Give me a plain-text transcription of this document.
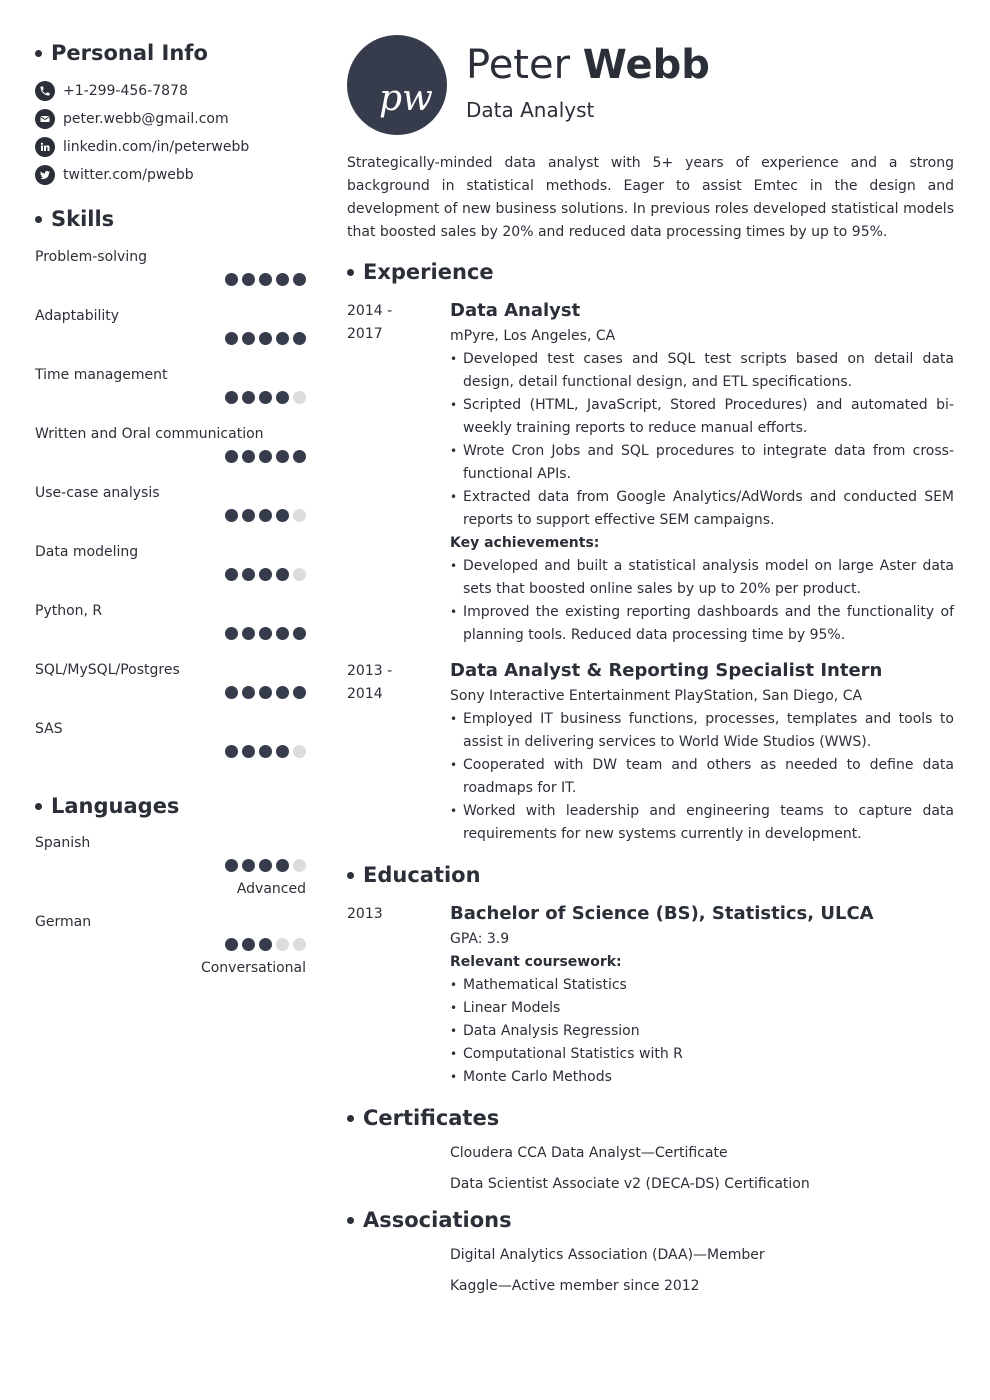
Personal Info
+1-299-456-7878
peter.webb@gmail.com
linkedin.com/in/peterwebb
twitter.com/pwebb
Skills
Problem-solving
Adaptability
Time management
Written and Oral communication
Use-case analysis
Data modeling
Python, R
SQL/MySQL/Postgres
SAS
Languages
Spanish
Advanced
German
Conversational
pw
Peter Webb
Data Analyst
Strategically-minded data analyst with 5+ years of experience and a strong background in statistical methods. Eager to assist Emtec in the design and development of new business solutions. In previous roles developed statistical models that boosted sales by 20% and reduced data processing times by up to 95%.
Experience
2014 -
2017
Data Analyst
mPyre, Los Angeles, CA
• Developed test cases and SQL test scripts based on detail data design, detail functional design, and ETL specifications.
• Scripted (HTML, JavaScript, Stored Procedures) and automated bi-weekly training reports to reduce manual efforts.
• Wrote Cron Jobs and SQL procedures to integrate data from cross-functional APIs.
• Extracted data from Google Analytics/AdWords and conducted SEM reports to support effective SEM campaigns.
Key achievements:
• Developed and built a statistical analysis model on large Aster data sets that boosted online sales by up to 20% per product.
• Improved the existing reporting dashboards and the functionality of planning tools. Reduced data processing time by 95%.
2013 -
2014
Data Analyst & Reporting Specialist Intern
Sony Interactive Entertainment PlayStation, San Diego, CA
• Employed IT business functions, processes, templates and tools to assist in delivering services to World Wide Studios (WWS).
• Cooperated with DW team and others as needed to define data roadmaps for IT.
• Worked with leadership and engineering teams to capture data requirements for new systems currently in development.
Education
2013	Bachelor of Science (BS), Statistics, ULCA
GPA: 3.9
Relevant coursework:
• Mathematical Statistics
• Linear Models
• Data Analysis Regression
• Computational Statistics with R
• Monte Carlo Methods
Certificates
Cloudera CCA Data Analyst—Certificate
Data Scientist Associate v2 (DECA-DS) Certification
Associations
Digital Analytics Association (DAA)—Member
Kaggle—Active member since 2012
